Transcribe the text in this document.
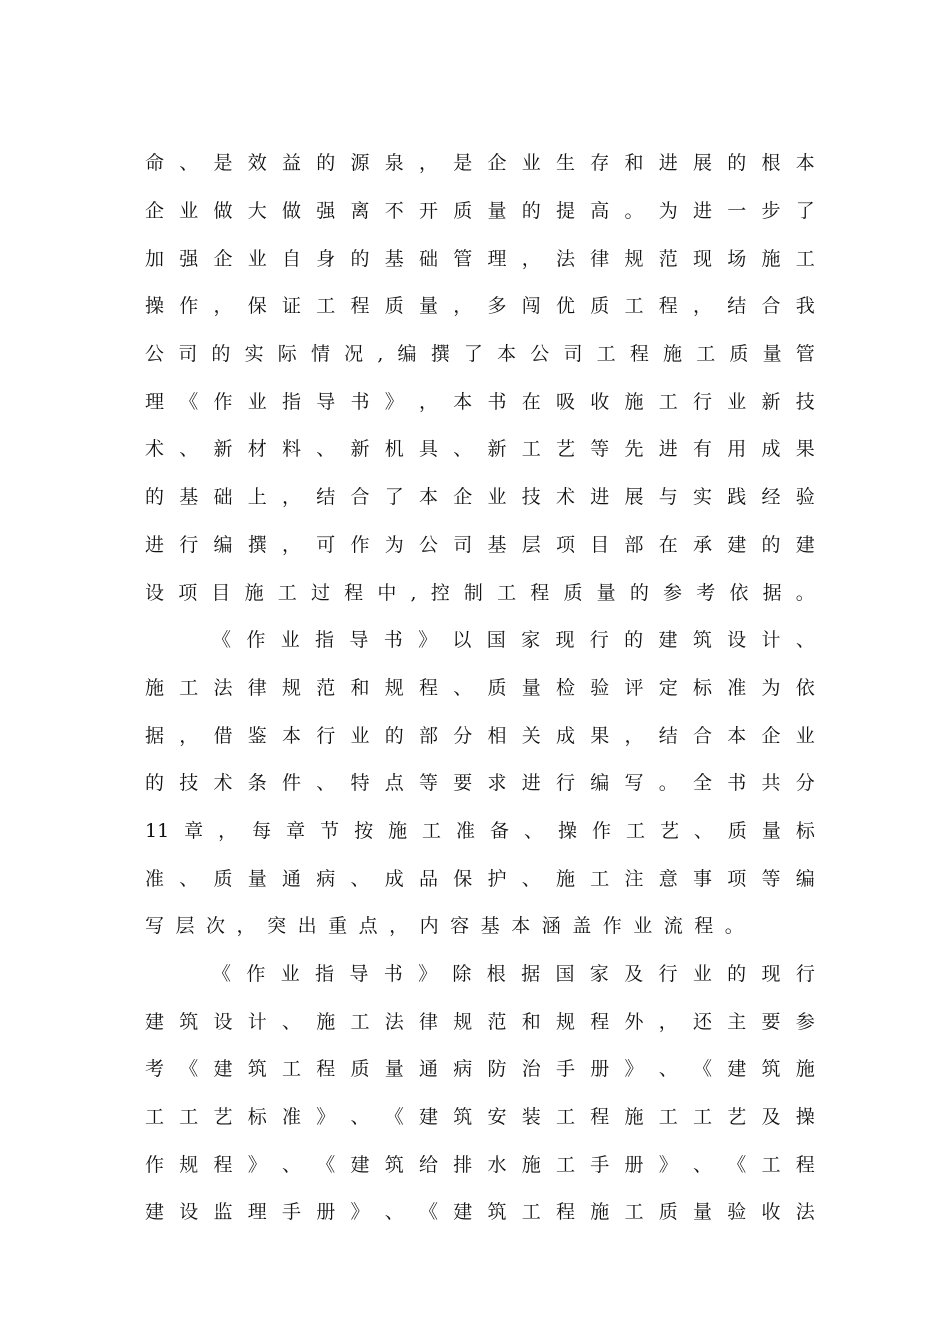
命 、 是 效 益 的 源 泉 ， 是 企 业 生 存 和 进 展 的 根 本
企 业 做 大 做 强 离 不 开 质 量 的 提 高 。 为 进 一 步 了
加 强 企 业 自 身 的 基 础 管 理 ， 法 律 规 范 现 场 施 工
操 作 ， 保 证 工 程 质 量 ， 多 闯 优 质 工 程 ， 结 合 我
公 司 的 实 际 情 况 , 编 撰 了 本 公 司 工 程 施 工 质 量 管
理 《 作 业 指 导 书 》 ， 本 书 在 吸 收 施 工 行 业 新 技
术 、 新 材 料 、 新 机 具 、 新 工 艺 等 先 进 有 用 成 果
的 基 础 上 ， 结 合 了 本 企 业 技 术 进 展 与 实 践 经 验
进 行 编 撰 ， 可 作 为 公 司 基 层 项 目 部 在 承 建 的 建
设 项 目 施 工 过 程 中 , 控 制 工 程 质 量 的 参 考 依 据 。
《 作 业 指 导 书 》 以 国 家 现 行 的 建 筑 设 计 、
施 工 法 律 规 范 和 规 程 、 质 量 检 验 评 定 标 准 为 依
据 ， 借 鉴 本 行 业 的 部 分 相 关 成 果 ， 结 合 本 企 业
的 技 术 条 件 、 特 点 等 要 求 进 行 编 写 。 全 书 共 分
11 章 ， 每 章 节 按 施 工 准 备 、 操 作 工 艺 、 质 量 标
准 、 质 量 通 病 、 成 品 保 护 、 施 工 注 意 事 项 等 编
写 层 次 ， 突 出 重 点 ， 内 容 基 本 涵 盖 作 业 流 程 。
《 作 业 指 导 书 》 除 根 据 国 家 及 行 业 的 现 行
建 筑 设 计 、 施 工 法 律 规 范 和 规 程 外 ， 还 主 要 参
考 《 建 筑 工 程 质 量 通 病 防 治 手 册 》 、 《 建 筑 施
工 工 艺 标 准 》 、 《 建 筑 安 装 工 程 施 工 工 艺 及 操
作 规 程 》 、 《 建 筑 给 排 水 施 工 手 册 》 、 《 工 程
建 设 监 理 手 册 》 、 《 建 筑 工 程 施 工 质 量 验 收 法
